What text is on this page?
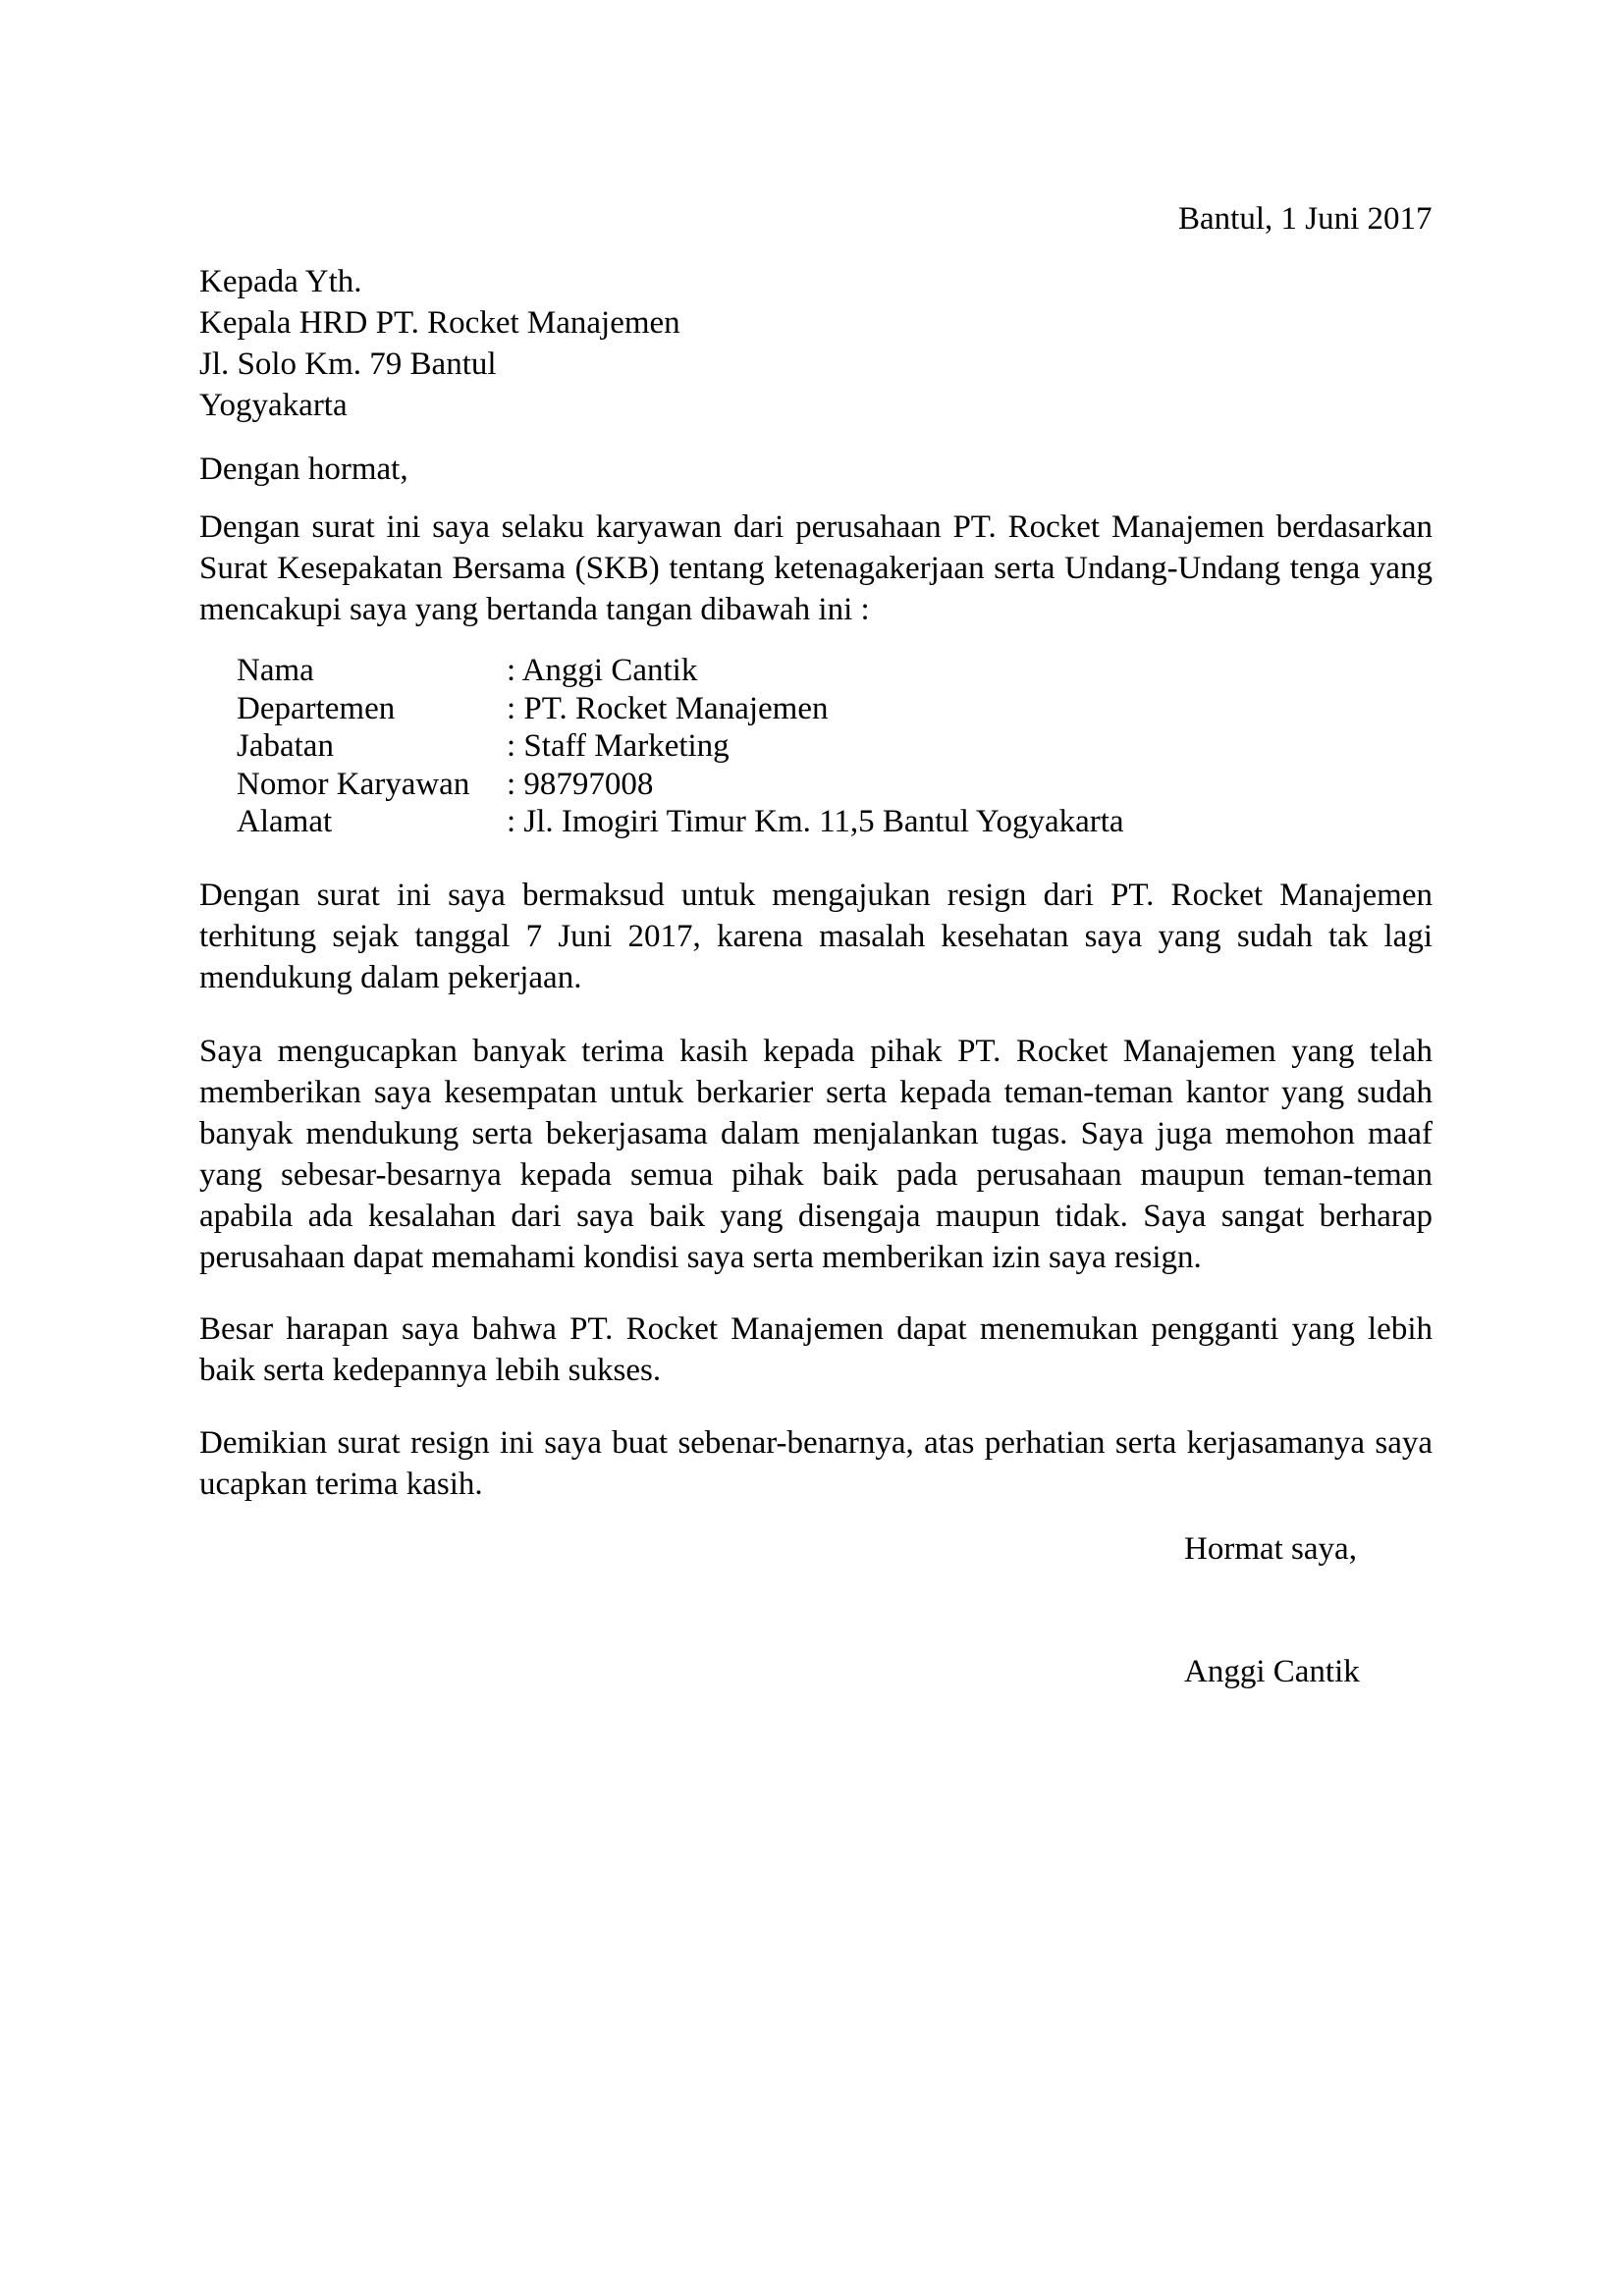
Bantul, 1 Juni 2017
Kepada Yth.
Kepala HRD PT. Rocket Manajemen
Jl. Solo Km. 79 Bantul
Yogyakarta
Dengan hormat,

Dengan surat ini saya selaku karyawan dari perusahaan PT. Rocket Manajemen berdasarkan Surat Kesepakatan Bersama (SKB) tentang ketenagakerjaan serta Undang-Undang tenga yang mencakupi saya yang bertanda tangan dibawah ini :

Nama	: Anggi Cantik
Departemen	: PT. Rocket Manajemen
Jabatan	: Staff Marketing
Nomor Karyawan : 98797008
Alamat	: Jl. Imogiri Timur Km. 11,5 Bantul Yogyakarta

Dengan surat ini saya bermaksud untuk mengajukan resign dari PT. Rocket Manajemen terhitung sejak tanggal 7 Juni 2017, karena masalah kesehatan saya yang sudah tak lagi mendukung dalam pekerjaan.

Saya mengucapkan banyak terima kasih kepada pihak PT. Rocket Manajemen yang telah memberikan saya kesempatan untuk berkarier serta kepada teman-teman kantor yang sudah banyak mendukung serta bekerjasama dalam menjalankan tugas. Saya juga memohon maaf yang sebesar-besarnya kepada semua pihak baik pada perusahaan maupun teman-teman apabila ada kesalahan dari saya baik yang disengaja maupun tidak. Saya sangat berharap perusahaan dapat memahami kondisi saya serta memberikan izin saya resign.

Besar harapan saya bahwa PT. Rocket Manajemen dapat menemukan pengganti yang lebih baik serta kedepannya lebih sukses.

Demikian surat resign ini saya buat sebenar-benarnya, atas perhatian serta kerjasamanya saya ucapkan terima kasih.

Hormat saya,
Anggi Cantik
